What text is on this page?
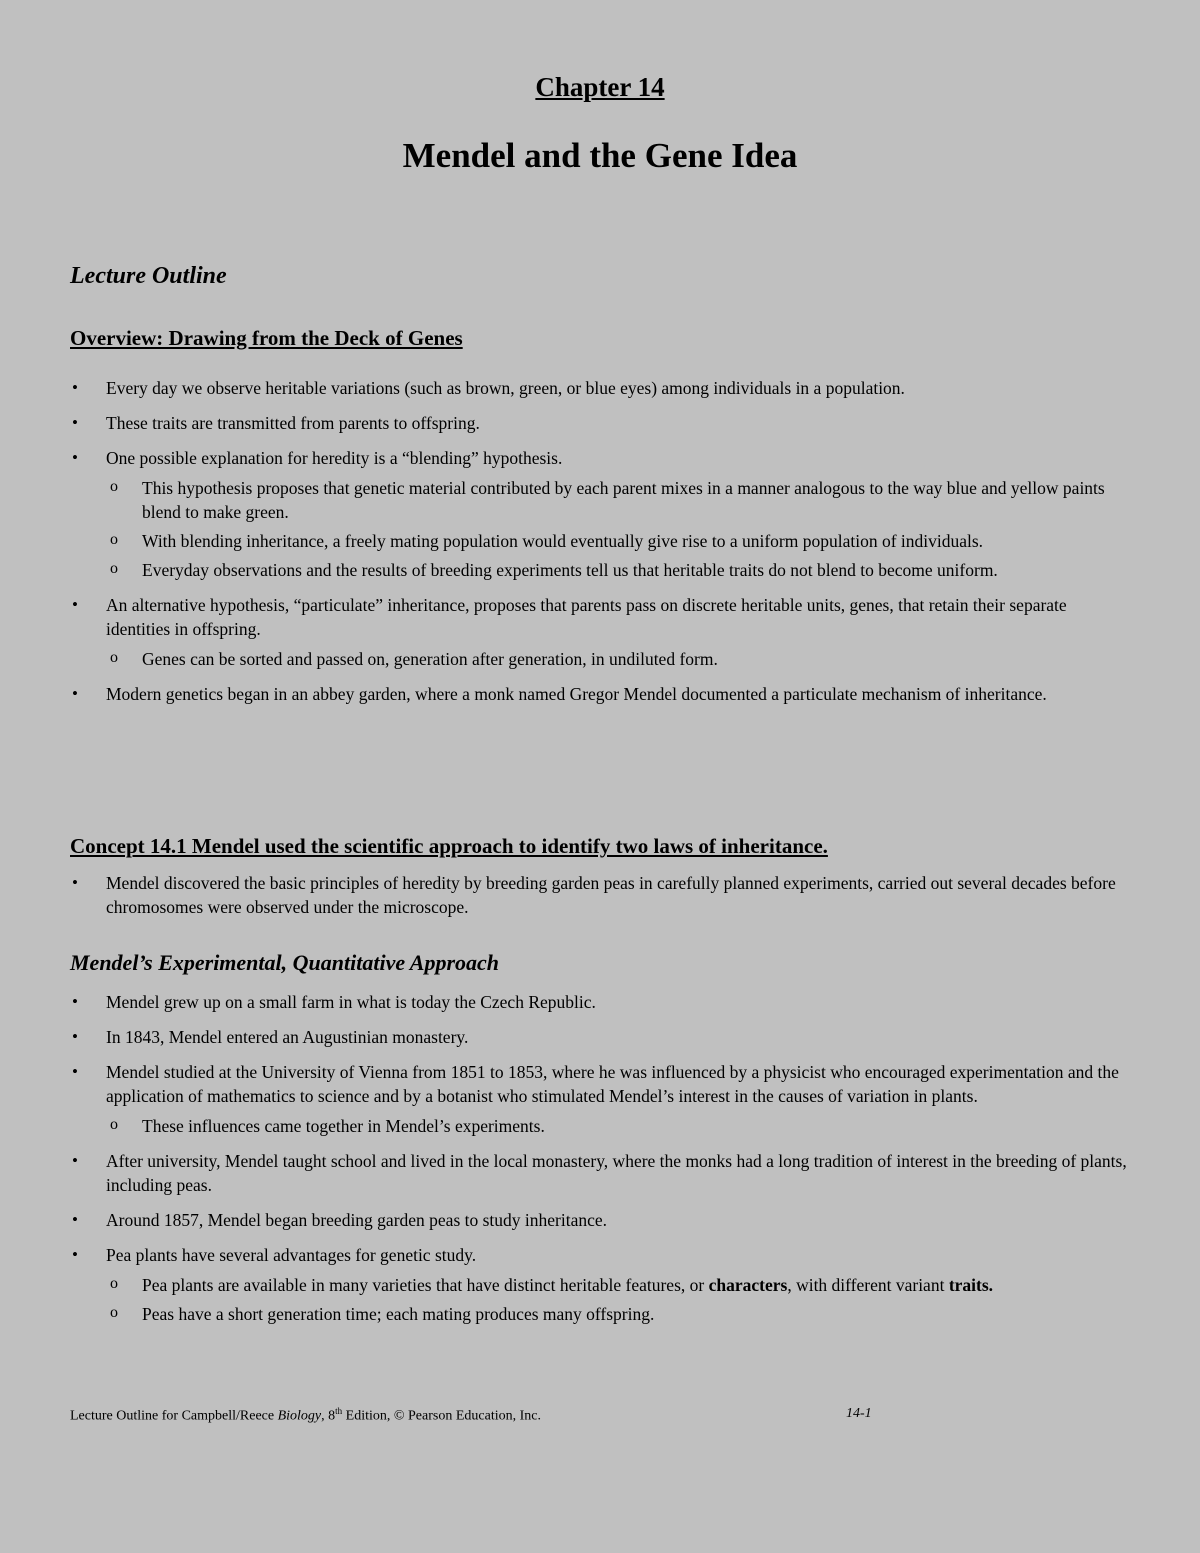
Chapter 14
Mendel and the Gene Idea
Lecture Outline
Overview: Drawing from the Deck of Genes
• Every day we observe heritable variations (such as brown, green, or blue eyes) among individuals in a population.
• These traits are transmitted from parents to offspring.
• One possible explanation for heredity is a “blending” hypothesis.
o This hypothesis proposes that genetic material contributed by each parent mixes in a manner analogous to the way blue and yellow paints blend to make green.
o With blending inheritance, a freely mating population would eventually give rise to a uniform population of individuals.
o Everyday observations and the results of breeding experiments tell us that heritable traits do not blend to become uniform.
• An alternative hypothesis, “particulate” inheritance, proposes that parents pass on discrete heritable units, genes, that retain their separate identities in offspring.
o Genes can be sorted and passed on, generation after generation, in undiluted form.
• Modern genetics began in an abbey garden, where a monk named Gregor Mendel documented a particulate mechanism of inheritance.
Concept 14.1 Mendel used the scientific approach to identify two laws of inheritance.
• Mendel discovered the basic principles of heredity by breeding garden peas in carefully planned experiments, carried out several decades before chromosomes were observed under the microscope.
Mendel’s Experimental, Quantitative Approach
• Mendel grew up on a small farm in what is today the Czech Republic.
• In 1843, Mendel entered an Augustinian monastery.
• Mendel studied at the University of Vienna from 1851 to 1853, where he was influenced by a physicist who encouraged experimentation and the application of mathematics to science and by a botanist who stimulated Mendel’s interest in the causes of variation in plants.
o These influences came together in Mendel’s experiments.
• After university, Mendel taught school and lived in the local monastery, where the monks had a long tradition of interest in the breeding of plants, including peas.
• Around 1857, Mendel began breeding garden peas to study inheritance.
• Pea plants have several advantages for genetic study.
o Pea plants are available in many varieties that have distinct heritable features, or characters, with different variant traits.
o Peas have a short generation time; each mating produces many offspring.
Lecture Outline for Campbell/Reece Biology, 8th Edition, © Pearson Education, Inc.	14-1
